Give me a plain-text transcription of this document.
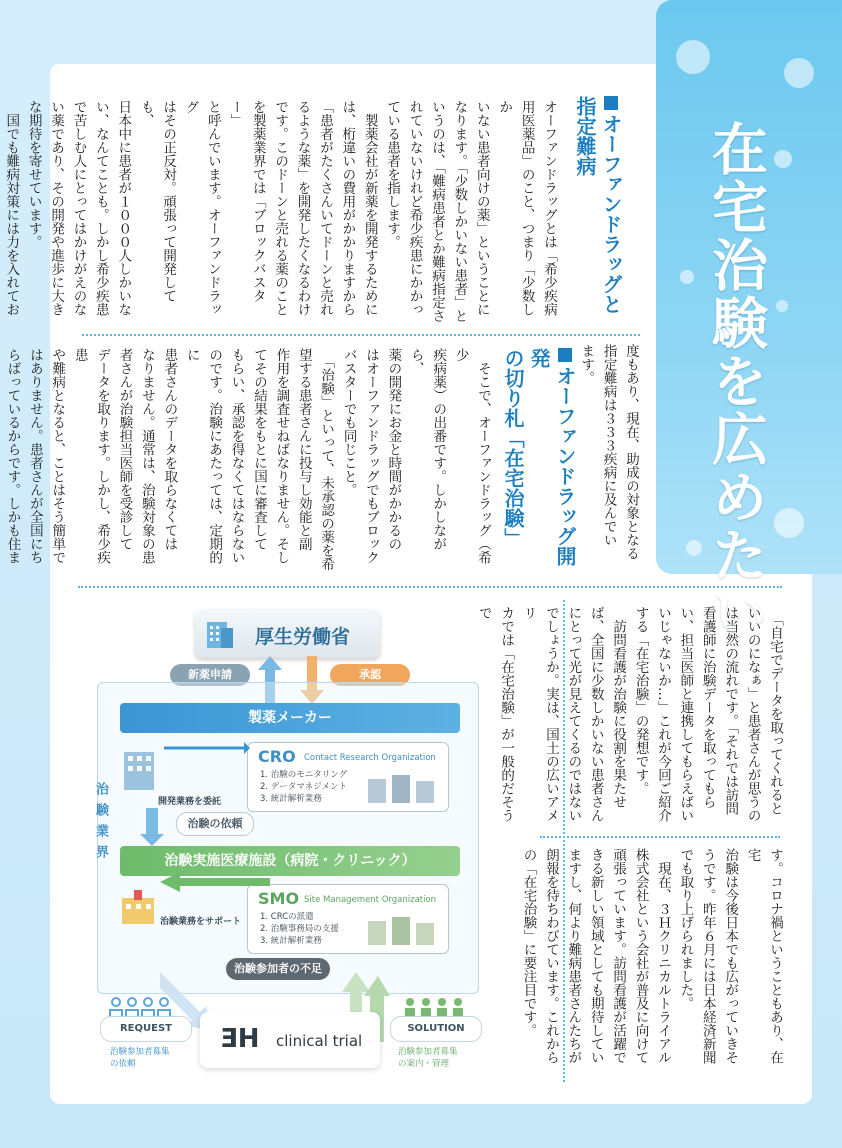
在宅治験を広めたい
オーファンドラッグと
指定難病
オーファンドラッグとは「希少疾病
用医薬品」のこと、つまり「少数しか
いない患者向けの薬」ということに
なります。「少数しかいない患者」と
いうのは、「難病患者とか難病指定さ
れていないけれど希少疾患にかかっ
ている患者を指します。
　製薬会社が新薬を開発するために
は、桁違いの費用がかかりますから
「患者がたくさんいてドーンと売れ
るような薬」を開発したくなるわけ
です。このドーンと売れる薬のこと
を製薬業界では「ブロックバスター」
と呼んでいます。オーファンドラッグ
はその正反対。頑張って開発しても、
日本中に患者が１０００人しかいな
い、なんてことも。しかし希少疾患
で苦しむ人にとってはかけがえのな
い薬であり、その開発や進歩に大き
な期待を寄せています。
　国でも難病対策には力を入れてお

度もあり、現在、助成の対象となる
指定難病は３３３疾病に及んでい
ます。
オーファンドラッグ開発
の切り札「在宅治験」
　そこで、オーファンドラッグ（希少
疾病薬）の出番です。しかしながら、
薬の開発にお金と時間がかかるの
はオーファンドラッグでもブロック
バスターでも同じこと。
　「治験」といって、未承認の薬を希
望する患者さんに投与し効能と副
作用を調査せねばなりません。そし
てその結果をもとに国に審査して
もらい、承認を得なくてはならない
のです。治験にあたっては、定期的に
患者さんのデータを取らなくては
なりません。通常は、治験対象の患
者さんが治験担当医師を受診して
データを取ります。しかし、希少疾患
や難病となると、ことはそう簡単で
はありません。患者さんが全国にち
らばっているからです。しかも住ま

　「自宅でデータを取ってくれると
いいのになぁ」と患者さんが思うの
は当然の流れです。「それでは訪問
看護師に治験データを取ってもら
い、担当医師と連携してもらえばい
いじゃないか…」これが今回ご紹介
する「在宅治験」の発想です。
　訪問看護が治験に役割を果たせ
ば、全国に少数しかいない患者さん
にとって光が見えてくるのではない
でしょうか。実は、国土の広いアメリ
カでは「在宅治験」が一般的だそうで
す。コロナ禍ということもあり、在宅
治験は今後日本でも広がっていきそ
うです。昨年６月には日本経済新聞
でも取り上げられました。
　現在、３Ｈクリニカルトライアル
株式会社という会社が普及に向けて
頑張っています。訪問看護が活躍で
きる新しい領域としても期待してい
ますし、何より難病患者さんたちが
朗報を待ちわびています。これから
の「在宅治験」に要注目です。
厚生労働省
新薬申請	承認
治験業界
製薬メーカー
CRO Contact Research Organization
1. 治験のモニタリング
2. データマネジメント
3. 統計解析業務
開発業務を委託
治験の依頼
治験実施医療施設（病院・クリニック）
SMO Site Management Organization
1. CRCの派遣
2. 治験事務局の支援
3. 統計解析業務
治験業務をサポート
治験参加者の不足
REQUEST
治験参加者募集
の依頼
SOLUTION
治験参加者募集
の案内・管理
ƎH clinical trial
